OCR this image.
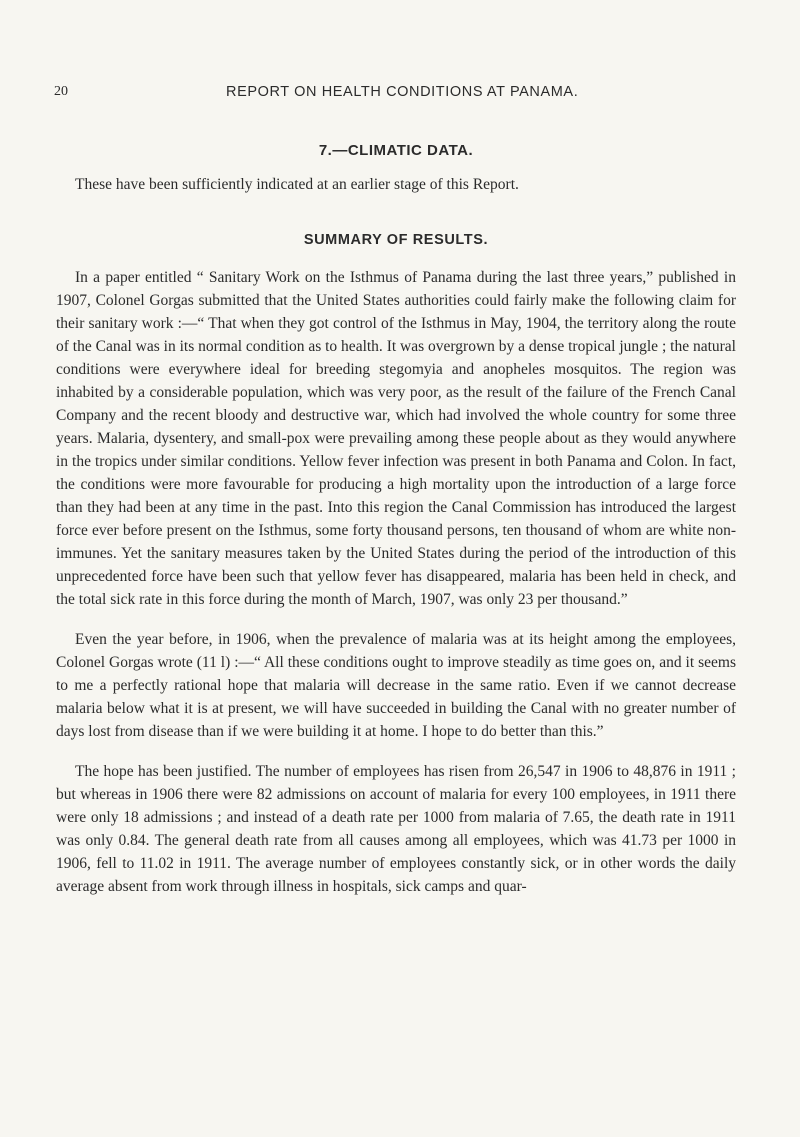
20	REPORT ON HEALTH CONDITIONS AT PANAMA.
7.—CLIMATIC DATA.

These have been sufficiently indicated at an earlier stage of this Report.

SUMMARY OF RESULTS.

In a paper entitled “ Sanitary Work on the Isthmus of Panama during the last three years,” published in 1907, Colonel Gorgas submitted that the United States authorities could fairly make the following claim for their sanitary work :—“ That when they got control of the Isthmus in May, 1904, the territory along the route of the Canal was in its normal condition as to health. It was overgrown by a dense tropical jungle ; the natural conditions were everywhere ideal for breeding stegomyia and anopheles mosquitos. The region was inhabited by a considerable population, which was very poor, as the result of the failure of the French Canal Company and the recent bloody and destructive war, which had involved the whole country for some three years. Malaria, dysentery, and small-pox were prevailing among these people about as they would anywhere in the tropics under similar conditions. Yellow fever infection was present in both Panama and Colon. In fact, the conditions were more favourable for producing a high mortality upon the introduction of a large force than they had been at any time in the past. Into this region the Canal Commission has introduced the largest force ever before present on the Isthmus, some forty thousand persons, ten thousand of whom are white non-immunes. Yet the sanitary measures taken by the United States during the period of the introduction of this unprecedented force have been such that yellow fever has disappeared, malaria has been held in check, and the total sick rate in this force during the month of March, 1907, was only 23 per thousand.”

Even the year before, in 1906, when the prevalence of malaria was at its height among the employees, Colonel Gorgas wrote (11 l) :—“ All these conditions ought to improve steadily as time goes on, and it seems to me a perfectly rational hope that malaria will decrease in the same ratio. Even if we cannot decrease malaria below what it is at present, we will have succeeded in building the Canal with no greater number of days lost from disease than if we were building it at home. I hope to do better than this.”

The hope has been justified. The number of employees has risen from 26,547 in 1906 to 48,876 in 1911 ; but whereas in 1906 there were 82 admissions on account of malaria for every 100 employees, in 1911 there were only 18 admissions ; and instead of a death rate per 1000 from malaria of 7.65, the death rate in 1911 was only 0.84. The general death rate from all causes among all employees, which was 41.73 per 1000 in 1906, fell to 11.02 in 1911. The average number of employees constantly sick, or in other words the daily average absent from work through illness in hospitals, sick camps and quar-
